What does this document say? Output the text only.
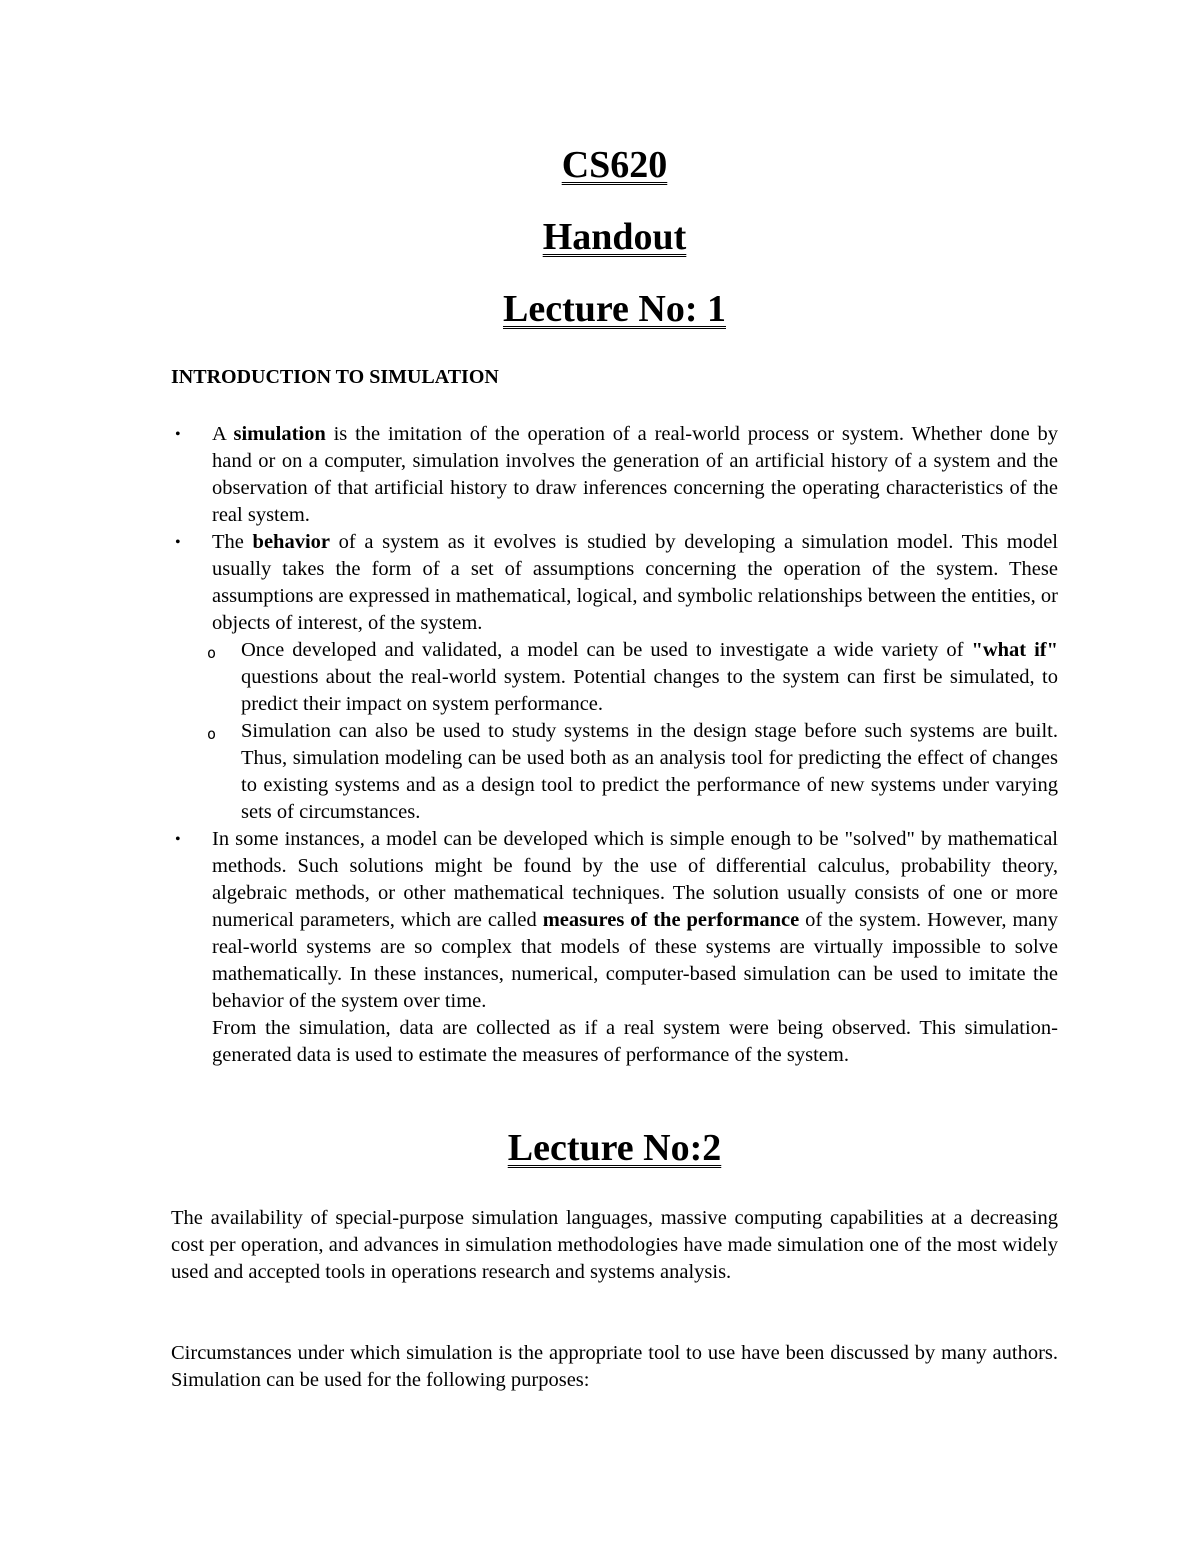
CS620
Handout
Lecture No: 1
INTRODUCTION TO SIMULATION
• A simulation is the imitation of the operation of a real-world process or system. Whether done by hand or on a computer, simulation involves the generation of an artificial history of a system and the observation of that artificial history to draw inferences concerning the operating characteristics of the real system.
• The behavior of a system as it evolves is studied by developing a simulation model. This model usually takes the form of a set of assumptions concerning the operation of the system. These assumptions are expressed in mathematical, logical, and symbolic relationships between the entities, or objects of interest, of the system.
o Once developed and validated, a model can be used to investigate a wide variety of "what if" questions about the real-world system. Potential changes to the system can first be simulated, to predict their impact on system performance.
o Simulation can also be used to study systems in the design stage before such systems are built. Thus, simulation modeling can be used both as an analysis tool for predicting the effect of changes to existing systems and as a design tool to predict the performance of new systems under varying sets of circumstances.
• In some instances, a model can be developed which is simple enough to be "solved" by mathematical methods. Such solutions might be found by the use of differential calculus, probability theory, algebraic methods, or other mathematical techniques. The solution usually consists of one or more numerical parameters, which are called measures of the performance of the system. However, many real-world systems are so complex that models of these systems are virtually impossible to solve mathematically. In these instances, numerical, computer-based simulation can be used to imitate the behavior of the system over time.
From the simulation, data are collected as if a real system were being observed. This simulation-generated data is used to estimate the measures of performance of the system.
Lecture No:2

The availability of special-purpose simulation languages, massive computing capabilities at a decreasing cost per operation, and advances in simulation methodologies have made simulation one of the most widely used and accepted tools in operations research and systems analysis.

Circumstances under which simulation is the appropriate tool to use have been discussed by many authors. Simulation can be used for the following purposes:
